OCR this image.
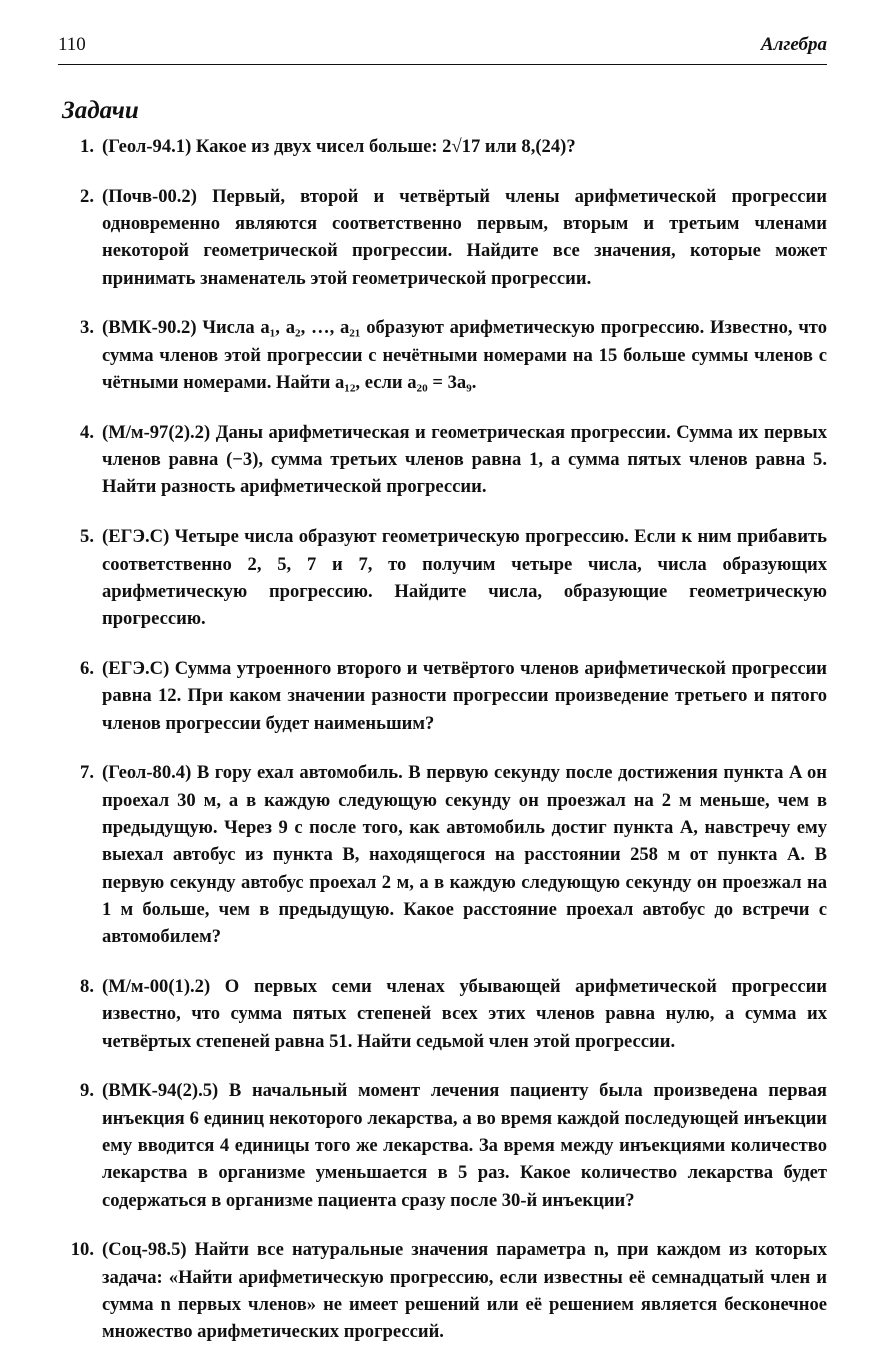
110	Алгебра
Задачи
1. (Геол-94.1) Какое из двух чисел больше: 2√17 или 8,(24)?
2. (Почв-00.2) Первый, второй и четвёртый члены арифметической прогрессии одновременно являются соответственно первым, вторым и третьим членами некоторой геометрической прогрессии. Найдите все значения, которые может принимать знаменатель этой геометрической прогрессии.
3. (ВМК-90.2) Числа a₁, a₂, …, a₂₁ образуют арифметическую прогрессию. Известно, что сумма членов этой прогрессии с нечётными номерами на 15 больше суммы членов с чётными номерами. Найти a₁₂, если a₂₀ = 3a₉.
4. (М/м-97(2).2) Даны арифметическая и геометрическая прогрессии. Сумма их первых членов равна (−3), сумма третьих членов равна 1, а сумма пятых членов равна 5. Найти разность арифметической прогрессии.
5. (ЕГЭ.С) Четыре числа образуют геометрическую прогрессию. Если к ним прибавить соответственно 2, 5, 7 и 7, то получим четыре числа, числа образующих арифметическую прогрессию. Найдите числа, образующие геометрическую прогрессию.
6. (ЕГЭ.С) Сумма утроенного второго и четвёртого членов арифметической прогрессии равна 12. При каком значении разности прогрессии произведение третьего и пятого членов прогрессии будет наименьшим?
7. (Геол-80.4) В гору ехал автомобиль. В первую секунду после достижения пункта A он проехал 30 м, а в каждую следующую секунду он проезжал на 2 м меньше, чем в предыдущую. Через 9 с после того, как автомобиль достиг пункта A, навстречу ему выехал автобус из пункта B, находящегося на расстоянии 258 м от пункта A. В первую секунду автобус проехал 2 м, а в каждую следующую секунду он проезжал на 1 м больше, чем в предыдущую. Какое расстояние проехал автобус до встречи с автомобилем?
8. (М/м-00(1).2) О первых семи членах убывающей арифметической прогрессии известно, что сумма пятых степеней всех этих членов равна нулю, а сумма их четвёртых степеней равна 51. Найти седьмой член этой прогрессии.
9. (ВМК-94(2).5) В начальный момент лечения пациенту была произведена первая инъекция 6 единиц некоторого лекарства, а во время каждой последующей инъекции ему вводится 4 единицы того же лекарства. За время между инъекциями количество лекарства в организме уменьшается в 5 раз. Какое количество лекарства будет содержаться в организме пациента сразу после 30-й инъекции?
10. (Соц-98.5) Найти все натуральные значения параметра n, при каждом из которых задача: «Найти арифметическую прогрессию, если известны её семнадцатый член и сумма n первых членов» не имеет решений или её решением является бесконечное множество арифметических прогрессий.
